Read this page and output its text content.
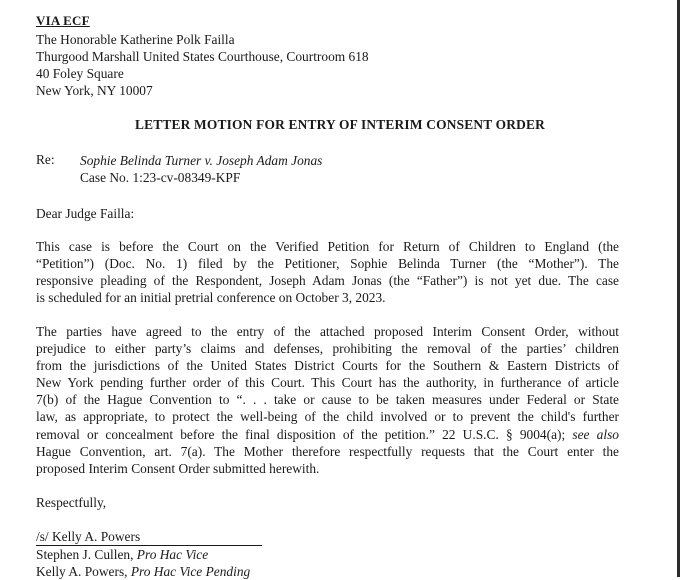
VIA ECF
The Honorable Katherine Polk Failla
Thurgood Marshall United States Courthouse, Courtroom 618
40 Foley Square
New York, NY 10007
LETTER MOTION FOR ENTRY OF INTERIM CONSENT ORDER
Re: Sophie Belinda Turner v. Joseph Adam Jonas
Case No. 1:23-cv-08349-KPF
Dear Judge Failla:
This case is before the Court on the Verified Petition for Return of Children to England (the
“Petition”) (Doc. No. 1) filed by the Petitioner, Sophie Belinda Turner (the “Mother”). The
responsive pleading of the Respondent, Joseph Adam Jonas (the “Father”) is not yet due. The case
is scheduled for an initial pretrial conference on October 3, 2023.
The parties have agreed to the entry of the attached proposed Interim Consent Order, without
prejudice to either party’s claims and defenses, prohibiting the removal of the parties’ children
from the jurisdictions of the United States District Courts for the Southern & Eastern Districts of
New York pending further order of this Court. This Court has the authority, in furtherance of article
7(b) of the Hague Convention to “. . . take or cause to be taken measures under Federal or State
law, as appropriate, to protect the well-being of the child involved or to prevent the child's further
removal or concealment before the final disposition of the petition.” 22 U.S.C. § 9004(a); see also
Hague Convention, art. 7(a). The Mother therefore respectfully requests that the Court enter the
proposed Interim Consent Order submitted herewith.
Respectfully,
/s/ Kelly A. Powers
Stephen J. Cullen, Pro Hac Vice
Kelly A. Powers, Pro Hac Vice Pending
